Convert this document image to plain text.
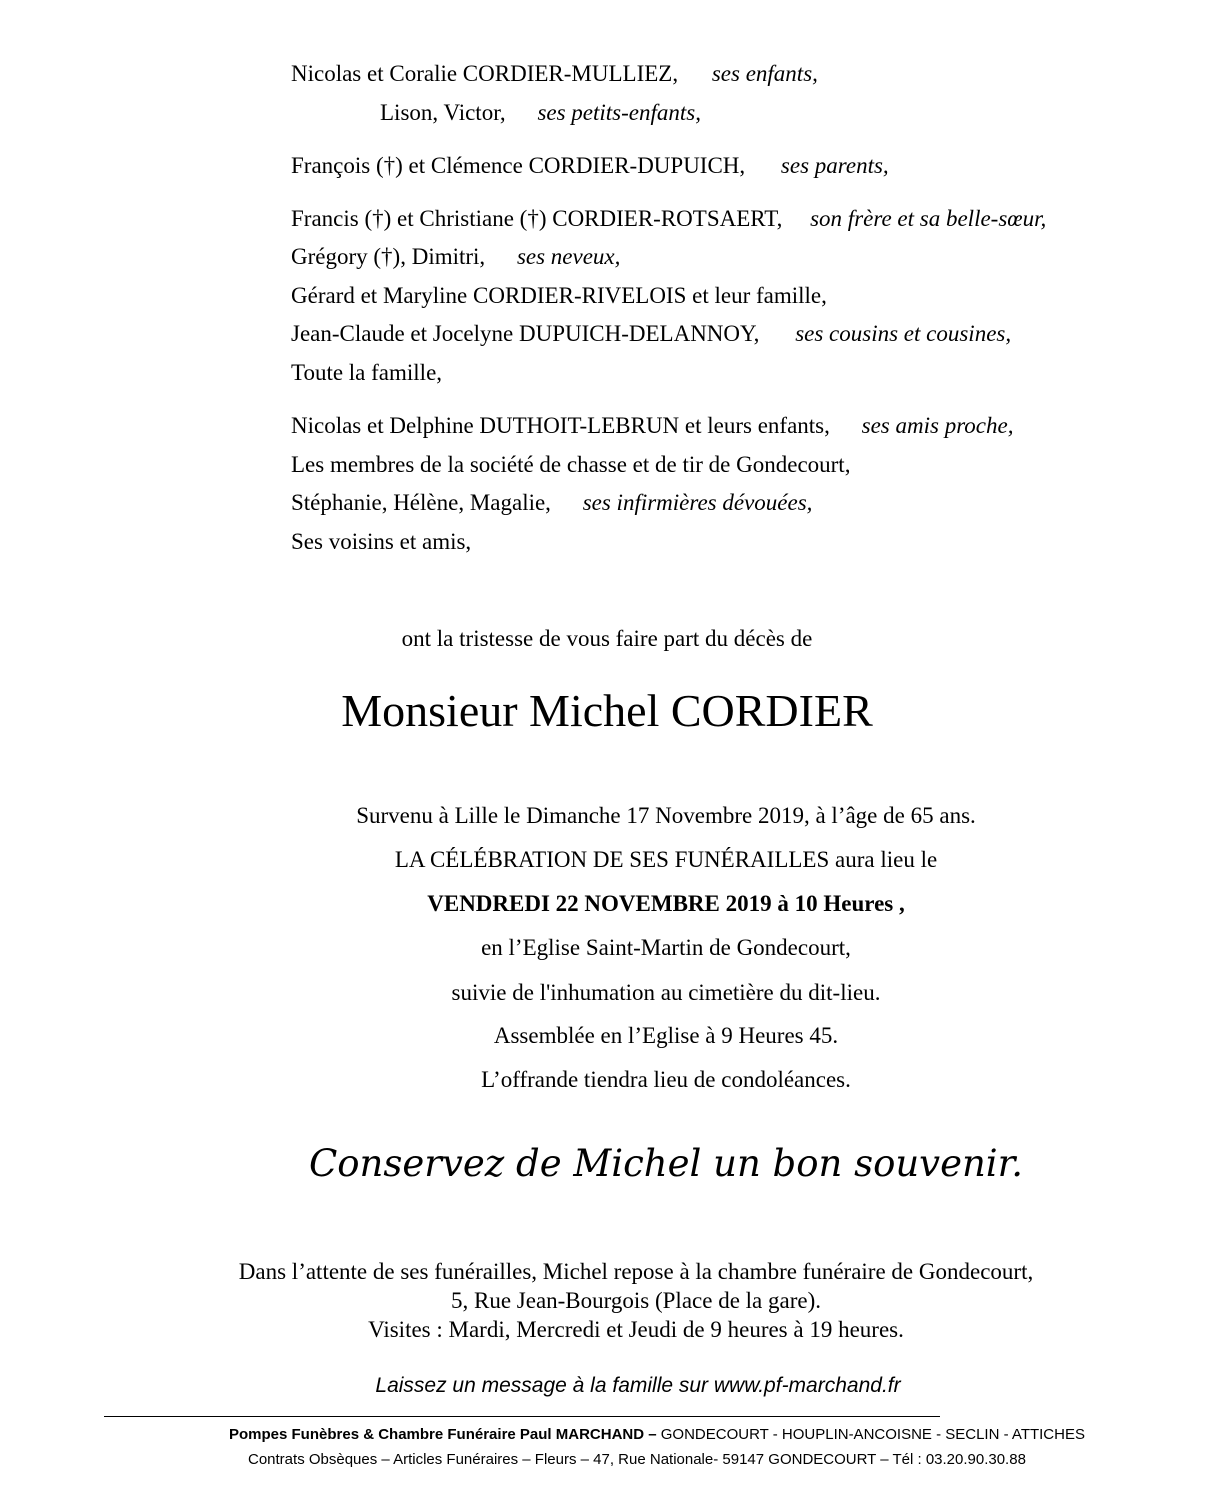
Nicolas et Coralie CORDIER-MULLIEZ, ses enfants,
Lison, Victor, ses petits-enfants,
François (†) et Clémence CORDIER-DUPUICH, ses parents,
Francis (†) et Christiane (†) CORDIER-ROTSAERT, son frère et sa belle-sœur,
Grégory (†), Dimitri, ses neveux,
Gérard et Maryline CORDIER-RIVELOIS et leur famille,
Jean-Claude et Jocelyne DUPUICH-DELANNOY, ses cousins et cousines,
Toute la famille,
Nicolas et Delphine DUTHOIT-LEBRUN et leurs enfants, ses amis proche,
Les membres de la société de chasse et de tir de Gondecourt,
Stéphanie, Hélène, Magalie, ses infirmières dévouées,
Ses voisins et amis,
ont la tristesse de vous faire part du décès de
Monsieur Michel CORDIER
Survenu à Lille le Dimanche 17 Novembre 2019, à l’âge de 65 ans.
LA CÉLÉBRATION DE SES FUNÉRAILLES aura lieu le
VENDREDI 22 NOVEMBRE 2019 à 10 Heures ,
en l’Eglise Saint-Martin de Gondecourt,
suivie de l'inhumation au cimetière du dit-lieu.
Assemblée en l’Eglise à 9 Heures 45.
L’offrande tiendra lieu de condoléances.
Conservez de Michel un bon souvenir.
Dans l’attente de ses funérailles, Michel repose à la chambre funéraire de Gondecourt,
5, Rue Jean-Bourgois (Place de la gare).
Visites : Mardi, Mercredi et Jeudi de 9 heures à 19 heures.
Laissez un message à la famille sur www.pf-marchand.fr
Pompes Funèbres & Chambre Funéraire Paul MARCHAND – GONDECOURT - HOUPLIN-ANCOISNE - SECLIN - ATTICHES
Contrats Obsèques – Articles Funéraires – Fleurs – 47, Rue Nationale- 59147 GONDECOURT – Tél : 03.20.90.30.88
